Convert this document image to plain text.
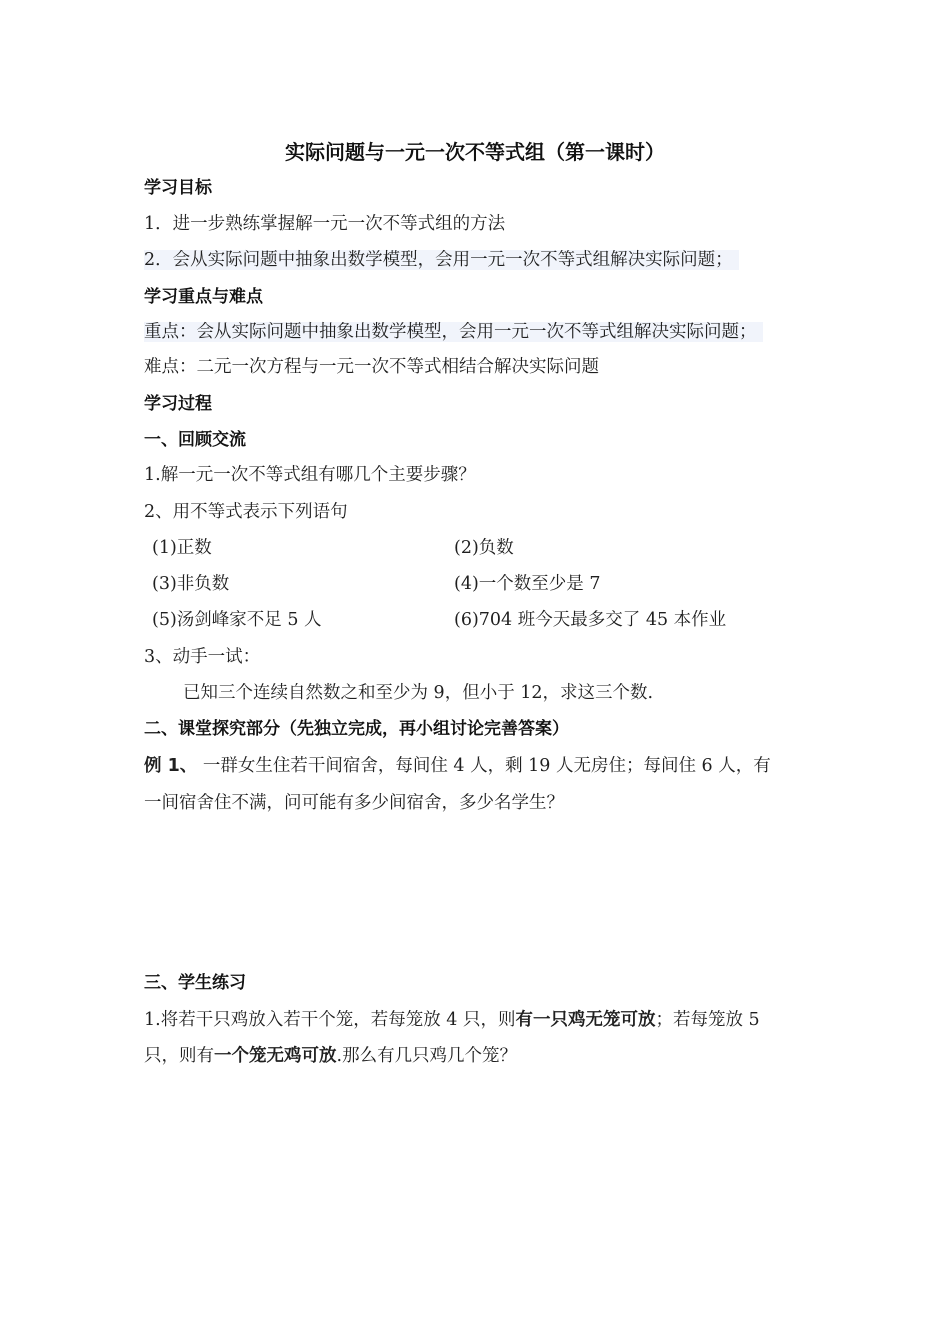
实际问题与一元一次不等式组（第一课时）
学习目标
1．进一步熟练掌握解一元一次不等式组的方法
2．会从实际问题中抽象出数学模型，会用一元一次不等式组解决实际问题；
学习重点与难点
重点：会从实际问题中抽象出数学模型，会用一元一次不等式组解决实际问题；
难点：二元一次方程与一元一次不等式相结合解决实际问题
学习过程
一、回顾交流
1.解一元一次不等式组有哪几个主要步骤？
2、用不等式表示下列语句
(1)正数	(2)负数
(3)非负数	(4)一个数至少是 7
(5)汤剑峰家不足 5 人	(6)704 班今天最多交了 45 本作业
3、动手一试：
已知三个连续自然数之和至少为 9，但小于 12，求这三个数.
二、课堂探究部分（先独立完成，再小组讨论完善答案）
例 1、 一群女生住若干间宿舍，每间住 4 人，剩 19 人无房住；每间住 6 人，有
一间宿舍住不满，问可能有多少间宿舍，多少名学生？
三、学生练习
1.将若干只鸡放入若干个笼，若每笼放 4 只，则有一只鸡无笼可放；若每笼放 5
只，则有一个笼无鸡可放.那么有几只鸡几个笼？
